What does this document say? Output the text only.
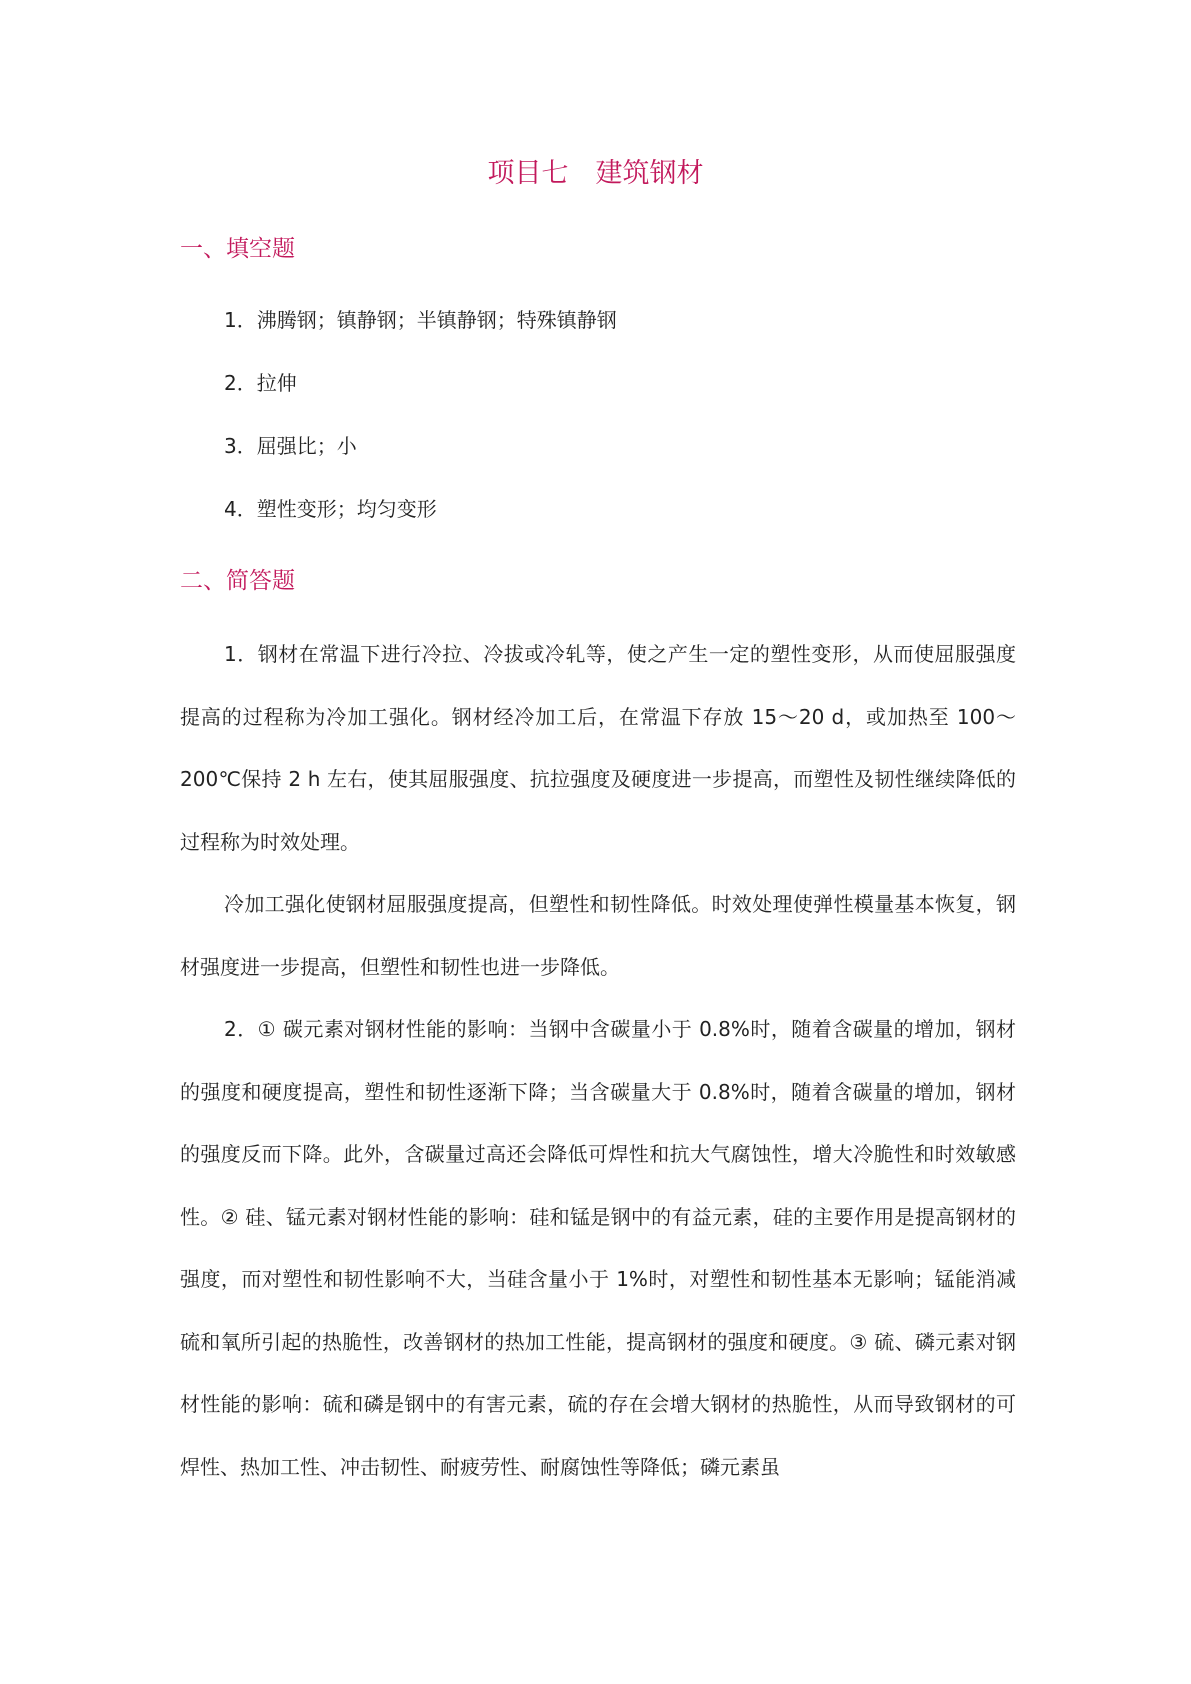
项目七　建筑钢材
一、填空题
1．沸腾钢；镇静钢；半镇静钢；特殊镇静钢
2．拉伸
3．屈强比；小
4．塑性变形；均匀变形
二、简答题

1．钢材在常温下进行冷拉、冷拔或冷轧等，使之产生一定的塑性变形，从而使屈服强度提高的过程称为冷加工强化。钢材经冷加工后，在常温下存放 15～20 d，或加热至 100～200℃保持 2 h 左右，使其屈服强度、抗拉强度及硬度进一步提高，而塑性及韧性继续降低的过程称为时效处理。

冷加工强化使钢材屈服强度提高，但塑性和韧性降低。时效处理使弹性模量基本恢复，钢材强度进一步提高，但塑性和韧性也进一步降低。

2．① 碳元素对钢材性能的影响：当钢中含碳量小于 0.8%时，随着含碳量的增加，钢材的强度和硬度提高，塑性和韧性逐渐下降；当含碳量大于 0.8%时，随着含碳量的增加，钢材的强度反而下降。此外，含碳量过高还会降低可焊性和抗大气腐蚀性，增大冷脆性和时效敏感性。② 硅、锰元素对钢材性能的影响：硅和锰是钢中的有益元素，硅的主要作用是提高钢材的强度，而对塑性和韧性影响不大，当硅含量小于 1%时，对塑性和韧性基本无影响；锰能消减硫和氧所引起的热脆性，改善钢材的热加工性能，提高钢材的强度和硬度。③ 硫、磷元素对钢材性能的影响：硫和磷是钢中的有害元素，硫的存在会增大钢材的热脆性，从而导致钢材的可焊性、热加工性、冲击韧性、耐疲劳性、耐腐蚀性等降低；磷元素虽
